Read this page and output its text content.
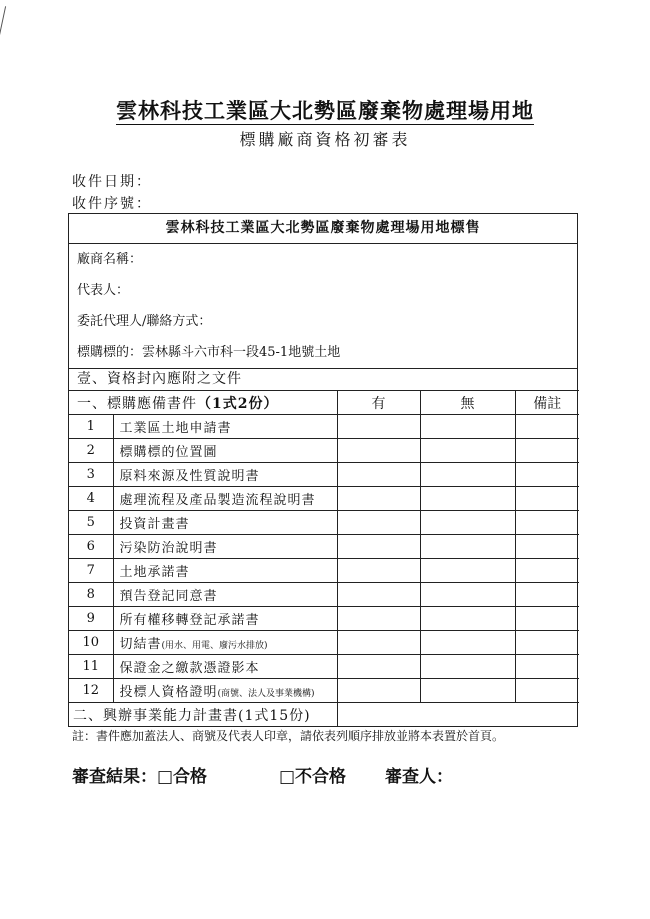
雲林科技工業區大北勢區廢棄物處理場用地
標購廠商資格初審表
收件日期：
收件序號：
雲林科技工業區大北勢區廢棄物處理場用地標售
廠商名稱：
代表人：
委託代理人/聯絡方式：
標購標的：雲林縣斗六市科一段45-1地號土地
壹、資格封內應附之文件
一、標購應備書件（1式2份）		有	無	備註
1	工業區土地申請書			
2	標購標的位置圖			
3	原料來源及性質說明書			
4	處理流程及產品製造流程說明書			
5	投資計畫書			
6	污染防治說明書			
7	土地承諾書			
8	預告登記同意書			
9	所有權移轉登記承諾書			
10	切結書(用水、用電、廢污水排放)			
11	保證金之繳款憑證影本			
12	投標人資格證明(商號、法人及事業機構)			
二、興辦事業能力計畫書(1式15份)				
註：書件應加蓋法人、商號及代表人印章，請依表列順序排放並將本表置於首頁。
審查結果：□合格	□不合格 審查人：
